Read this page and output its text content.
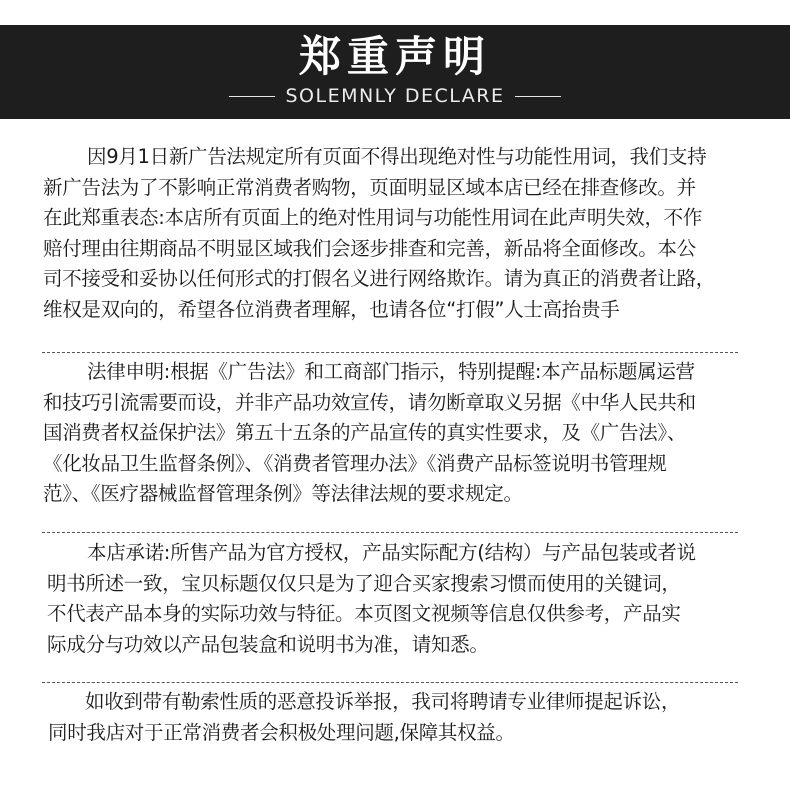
郑重声明
SOLEMNLY DECLARE
因9月1日新广告法规定所有页面不得出现绝对性与功能性用词，我们支持
新广告法为了不影响正常消费者购物，页面明显区域本店已经在排查修改。并
在此郑重表态:本店所有页面上的绝对性用词与功能性用词在此声明失效，不作
赔付理由往期商品不明显区域我们会逐步排查和完善，新品将全面修改。本公
司不接受和妥协以任何形式的打假名义进行网络欺诈。请为真正的消费者让路，
维权是双向的，希望各位消费者理解，也请各位“打假”人士高抬贵手
法律申明:根据《广告法》和工商部门指示，特别提醒:本产品标题属运营
和技巧引流需要而设，并非产品功效宣传，请勿断章取义另据《中华人民共和
国消费者权益保护法》第五十五条的产品宣传的真实性要求，及《广告法》、
《化妆品卫生监督条例》、《消费者管理办法》《消费产品标签说明书管理规
范》、《医疗器械监督管理条例》等法律法规的要求规定。
本店承诺:所售产品为官方授权，产品实际配方(结构）与产品包装或者说
明书所述一致，宝贝标题仅仅只是为了迎合买家搜索习惯而使用的关键词，
不代表产品本身的实际功效与特征。本页图文视频等信息仅供参考，产品实
际成分与功效以产品包装盒和说明书为准，请知悉。
如收到带有勒索性质的恶意投诉举报，我司将聘请专业律师提起诉讼，
同时我店对于正常消费者会积极处理问题,保障其权益。
